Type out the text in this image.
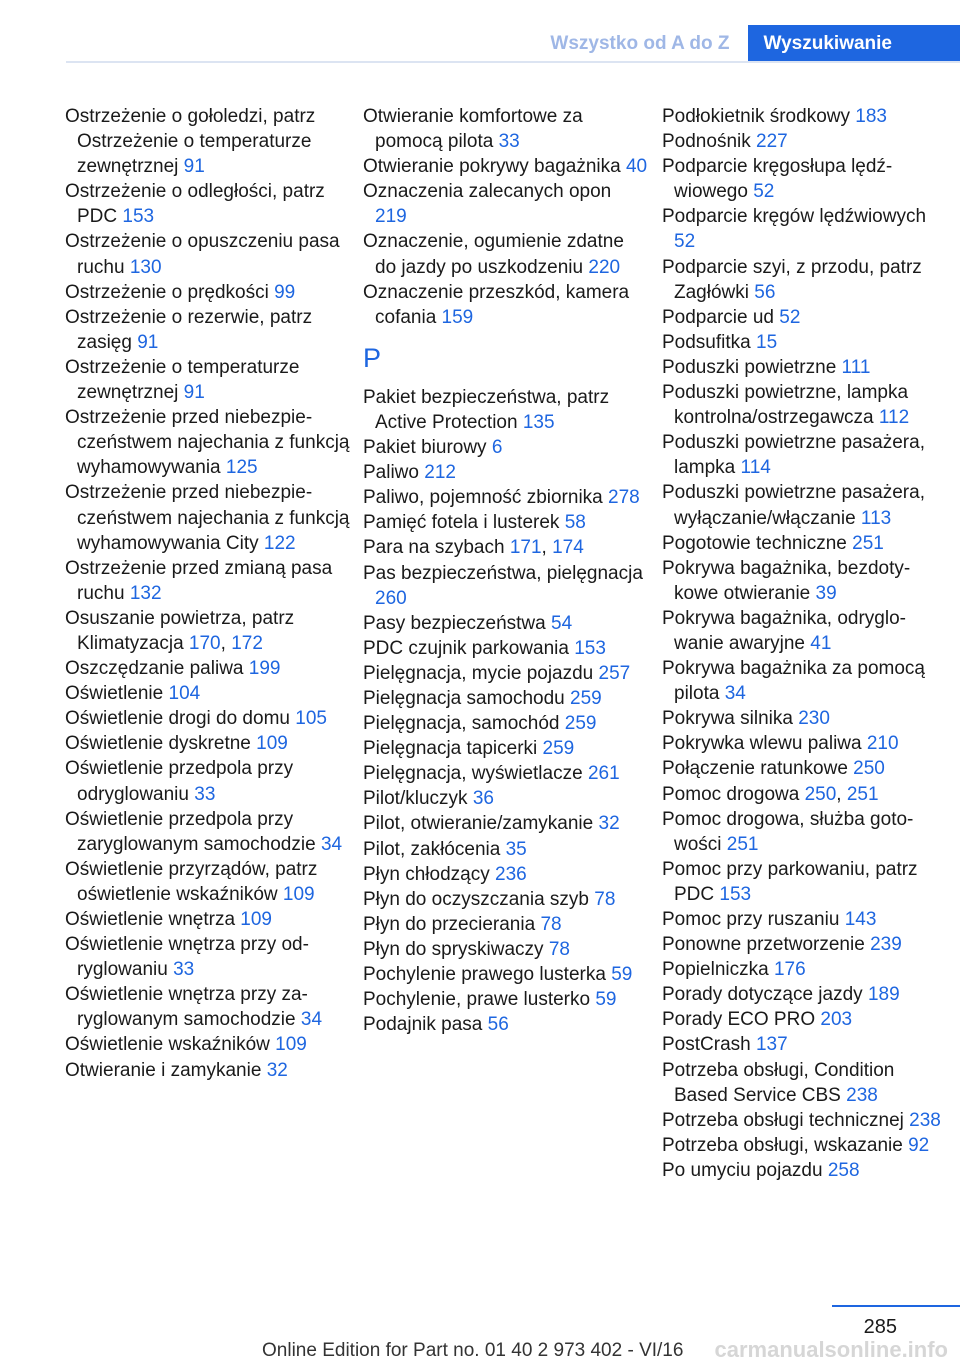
Wszystko od A do Z	Wyszukiwanie
Ostrzeżenie o gołoledzi, patrz Ostrzeżenie o temperaturze zewnętrznej 91
Ostrzeżenie o odległości, patrz PDC 153
Ostrzeżenie o opuszczeniu pasa ruchu 130
Ostrzeżenie o prędkości 99
Ostrzeżenie o rezerwie, patrz zasięg 91
Ostrzeżenie o temperaturze zewnętrznej 91
Ostrzeżenie przed niebezpieczeństwem najechania z funkcją wyhamowywania 125
Ostrzeżenie przed niebezpieczeństwem najechania z funkcją wyhamowywania City 122
Ostrzeżenie przed zmianą pasa ruchu 132
Osuszanie powietrza, patrz Klimatyzacja 170, 172
Oszczędzanie paliwa 199
Oświetlenie 104
Oświetlenie drogi do domu 105
Oświetlenie dyskretne 109
Oświetlenie przedpola przy odryglowaniu 33
Oświetlenie przedpola przy zaryglowanym samochodzie 34
Oświetlenie przyrządów, patrz oświetlenie wskaźników 109
Oświetlenie wnętrza 109
Oświetlenie wnętrza przy odryglowaniu 33
Oświetlenie wnętrza przy zaryglowanym samochodzie 34
Oświetlenie wskaźników 109
Otwieranie i zamykanie 32
Otwieranie komfortowe za pomocą pilota 33
Otwieranie pokrywy bagażnika 40
Oznaczenia zalecanych opon 219
Oznaczenie, ogumienie zdatne do jazdy po uszkodzeniu 220
Oznaczenie przeszkód, kamera cofania 159
P
Pakiet bezpieczeństwa, patrz Active Protection 135
Pakiet biurowy 6
Paliwo 212
Paliwo, pojemność zbiornika 278
Pamięć fotela i lusterek 58
Para na szybach 171, 174
Pas bezpieczeństwa, pielęgnacja 260
Pasy bezpieczeństwa 54
PDC czujnik parkowania 153
Pielęgnacja, mycie pojazdu 257
Pielęgnacja samochodu 259
Pielęgnacja, samochód 259
Pielęgnacja tapicerki 259
Pielęgnacja, wyświetlacze 261
Pilot/kluczyk 36
Pilot, otwieranie/zamykanie 32
Pilot, zakłócenia 35
Płyn chłodzący 236
Płyn do oczyszczania szyb 78
Płyn do przecierania 78
Płyn do spryskiwaczy 78
Pochylenie prawego lusterka 59
Pochylenie, prawe lusterko 59
Podajnik pasa 56
Podłokietnik środkowy 183
Podnośnik 227
Podparcie kręgosłupa lędźwiowego 52
Podparcie kręgów lędźwiowych 52
Podparcie szyi, z przodu, patrz Zagłówki 56
Podparcie ud 52
Podsufitka 15
Poduszki powietrzne 111
Poduszki powietrzne, lampka kontrolna/ostrzegawcza 112
Poduszki powietrzne pasażera, lampka 114
Poduszki powietrzne pasażera, wyłączanie/włączanie 113
Pogotowie techniczne 251
Pokrywa bagażnika, bezdotykowe otwieranie 39
Pokrywa bagażnika, odryglowanie awaryjne 41
Pokrywa bagażnika za pomocą pilota 34
Pokrywa silnika 230
Pokrywka wlewu paliwa 210
Połączenie ratunkowe 250
Pomoc drogowa 250, 251
Pomoc drogowa, służba gotowości 251
Pomoc przy parkowaniu, patrz PDC 153
Pomoc przy ruszaniu 143
Ponowne przetworzenie 239
Popielniczka 176
Porady dotyczące jazdy 189
Porady ECO PRO 203
PostCrash 137
Potrzeba obsługi, Condition Based Service CBS 238
Potrzeba obsługi technicznej 238
Potrzeba obsługi, wskazanie 92
Po umyciu pojazdu 258
285
Online Edition for Part no. 01 40 2 973 402 - VI/16 carmanualsonline.info
